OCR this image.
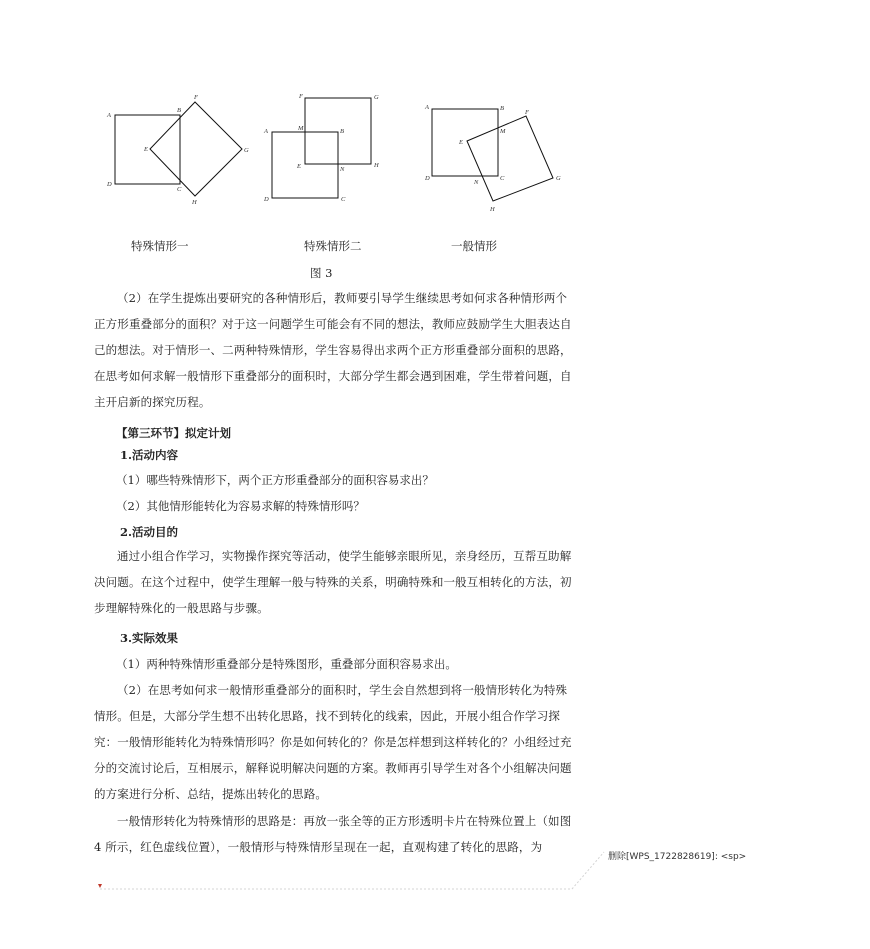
A
B
C
D
E
F
G
H
A	B
C
D
E
F	G
H
M
N
A	B
C
D
E
F
G
H
M
N
特殊情形一	特殊情形二	一般情形
图 3
（2）在学生提炼出要研究的各种情形后，教师要引导学生继续思考如何求各种情形两个正方形重叠部分的面积？对于这一问题学生可能会有不同的想法，教师应鼓励学生大胆表达自己的想法。对于情形一、二两种特殊情形，学生容易得出求两个正方形重叠部分面积的思路，在思考如何求解一般情形下重叠部分的面积时，大部分学生都会遇到困难，学生带着问题，自主开启新的探究历程。
【第三环节】拟定计划
1.活动内容
（1）哪些特殊情形下，两个正方形重叠部分的面积容易求出？
（2）其他情形能转化为容易求解的特殊情形吗？
2.活动目的
通过小组合作学习，实物操作探究等活动，使学生能够亲眼所见，亲身经历，互帮互助解决问题。在这个过程中，使学生理解一般与特殊的关系，明确特殊和一般互相转化的方法，初步理解特殊化的一般思路与步骤。
3.实际效果
（1）两种特殊情形重叠部分是特殊图形，重叠部分面积容易求出。
（2）在思考如何求一般情形重叠部分的面积时，学生会自然想到将一般情形转化为特殊情形。但是，大部分学生想不出转化思路，找不到转化的线索，因此，开展小组合作学习探究：一般情形能转化为特殊情形吗？你是如何转化的？你是怎样想到这样转化的？小组经过充分的交流讨论后，互相展示，解释说明解决问题的方案。教师再引导学生对各个小组解决问题的方案进行分析、总结，提炼出转化的思路。
一般情形转化为特殊情形的思路是：再放一张全等的正方形透明卡片在特殊位置上（如图 4 所示，红色虚线位置），一般情形与特殊情形呈现在一起，直观构建了转化的思路，为
删除[WPS_1722828619]: <sp>
